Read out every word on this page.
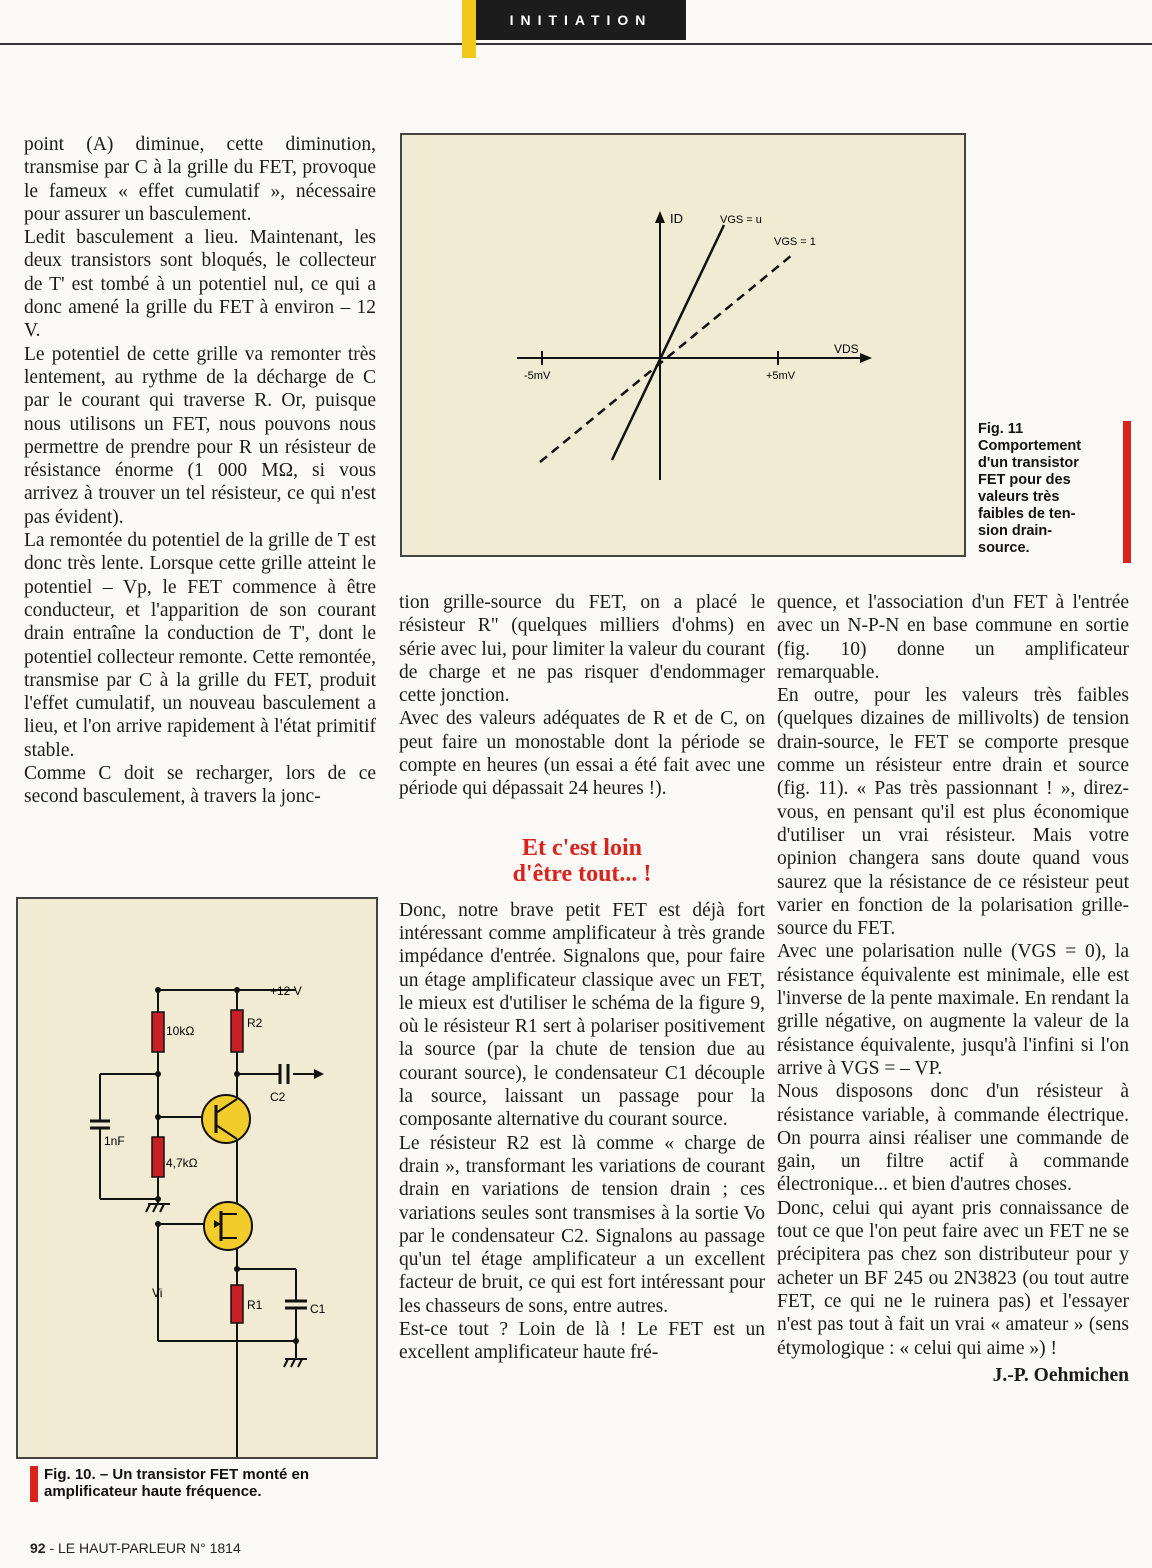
INITIATION

point (A) diminue, cette diminution, transmise par C à la grille du FET, provoque le fameux « effet cumulatif », nécessaire pour assurer un basculement.

Ledit basculement a lieu. Maintenant, les deux transistors sont bloqués, le collecteur de T' est tombé à un potentiel nul, ce qui a donc amené la grille du FET à environ – 12 V.

Le potentiel de cette grille va remonter très lentement, au rythme de la décharge de C par le courant qui traverse R. Or, puisque nous utilisons un FET, nous pouvons nous permettre de prendre pour R un résisteur de résistance énorme (1 000 MΩ, si vous arrivez à trouver un tel résisteur, ce qui n'est pas évident).

La remontée du potentiel de la grille de T est donc très lente. Lorsque cette grille atteint le potentiel – Vp, le FET commence à être conducteur, et l'apparition de son courant drain entraîne la conduction de T', dont le potentiel collecteur remonte. Cette remontée, transmise par C à la grille du FET, produit l'effet cumulatif, un nouveau basculement a lieu, et l'on arrive rapidement à l'état primitif stable.

Comme C doit se recharger, lors de ce second basculement, à travers la jonc-

ID	VGS = u
VGS = 1
VDS
-5mV	+5mV
Fig. 11
Comportement
d'un transistor
FET pour des
valeurs très
faibles de ten-
sion drain-
source.
+12 V
10kΩ
4,7kΩ
1nF
R2
C2
R1	C1
Vi
Fig. 10. – Un transistor FET monté en
amplificateur haute fréquence.

tion grille-source du FET, on a placé le résisteur R" (quelques milliers d'ohms) en série avec lui, pour limiter la valeur du courant de charge et ne pas risquer d'endommager cette jonction.

Avec des valeurs adéquates de R et de C, on peut faire un monostable dont la période se compte en heures (un essai a été fait avec une période qui dépassait 24 heures !).

Et c'est loin
d'être tout... !

Donc, notre brave petit FET est déjà fort intéressant comme amplificateur à très grande impédance d'entrée. Signalons que, pour faire un étage amplificateur classique avec un FET, le mieux est d'utiliser le schéma de la figure 9, où le résisteur R1 sert à polariser positivement la source (par la chute de tension due au courant source), le condensateur C1 découple la source, laissant un passage pour la composante alternative du courant source.

Le résisteur R2 est là comme « charge de drain », transformant les variations de courant drain en variations de tension drain ; ces variations seules sont transmises à la sortie Vo par le condensateur C2. Signalons au passage qu'un tel étage amplificateur a un excellent facteur de bruit, ce qui est fort intéressant pour les chasseurs de sons, entre autres.

Est-ce tout ? Loin de là ! Le FET est un excellent amplificateur haute fré-

quence, et l'association d'un FET à l'entrée avec un N-P-N en base commune en sortie (fig. 10) donne un amplificateur remarquable.

En outre, pour les valeurs très faibles (quelques dizaines de millivolts) de tension drain-source, le FET se comporte presque comme un résisteur entre drain et source (fig. 11). « Pas très passionnant ! », direz-vous, en pensant qu'il est plus économique d'utiliser un vrai résisteur. Mais votre opinion changera sans doute quand vous saurez que la résistance de ce résisteur peut varier en fonction de la polarisation grille-source du FET.

Avec une polarisation nulle (VGS = 0), la résistance équivalente est minimale, elle est l'inverse de la pente maximale. En rendant la grille négative, on augmente la valeur de la résistance équivalente, jusqu'à l'infini si l'on arrive à VGS = – VP.

Nous disposons donc d'un résisteur à résistance variable, à commande électrique. On pourra ainsi réaliser une commande de gain, un filtre actif à commande électronique... et bien d'autres choses.

Donc, celui qui ayant pris connaissance de tout ce que l'on peut faire avec un FET ne se précipitera pas chez son distributeur pour y acheter un BF 245 ou 2N3823 (ou tout autre FET, ce qui ne le ruinera pas) et l'essayer n'est pas tout à fait un vrai « amateur » (sens étymologique : « celui qui aime ») !

J.-P. Oehmichen
92 - LE HAUT-PARLEUR N° 1814
